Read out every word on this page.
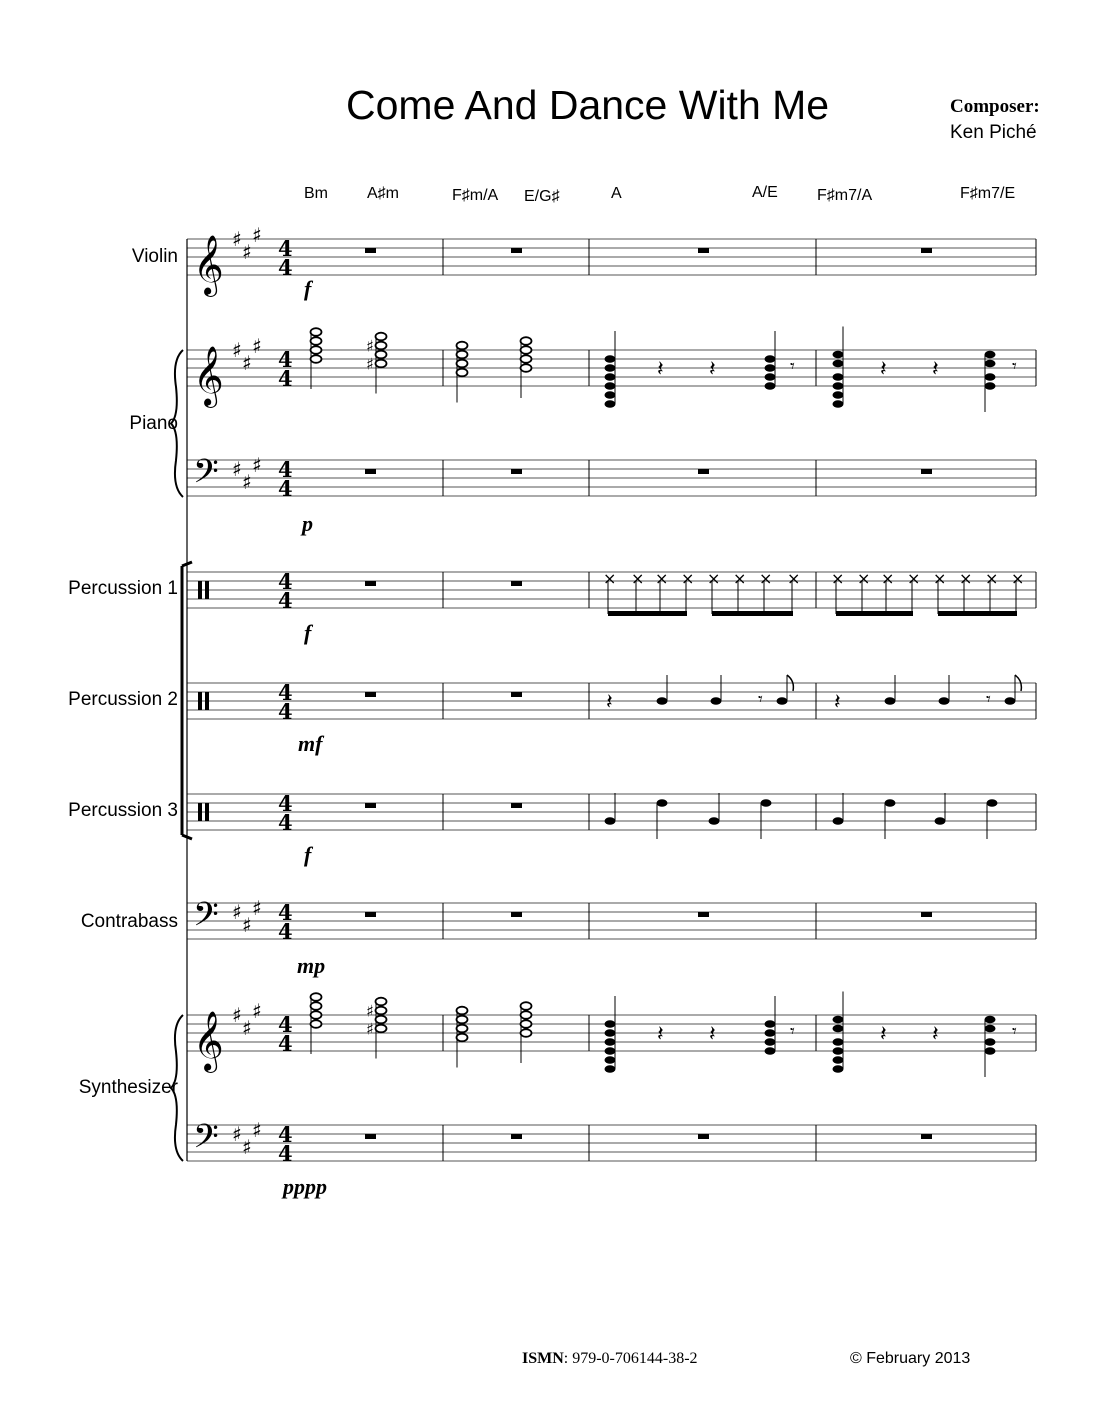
Come And Dance With Me	Composer:
Ken Piché
Bm A♯m	F♯m/A E/G♯	A	A/E F♯m7/A	F♯m7/E
Violin
Piano
Percussion 1
Percussion 2
Percussion 3
Contrabass
Synthesizer
f
p
f
mf
f
mp
pppp
𝄞 ♯
♯
♯
4
4
𝄞 ♯
♯
♯
4
4
𝄢 ♯
♯
♯ 4
4
4
4
4
4
4
4
𝄢 ♯
♯
♯ 4
4
𝄞 ♯
♯
♯
4
4
𝄢 ♯
♯
♯ 4
4
♯
♯
♯
♯
𝄽 𝄽	𝄾	𝄽 𝄽	𝄾
𝄽 𝄽	𝄾	𝄽 𝄽	𝄾
× × × × × × × × × × × × × × × ×
𝄽	𝄾	𝄽	𝄾
ISMN: 979-0-706144-38-2	© February 2013
